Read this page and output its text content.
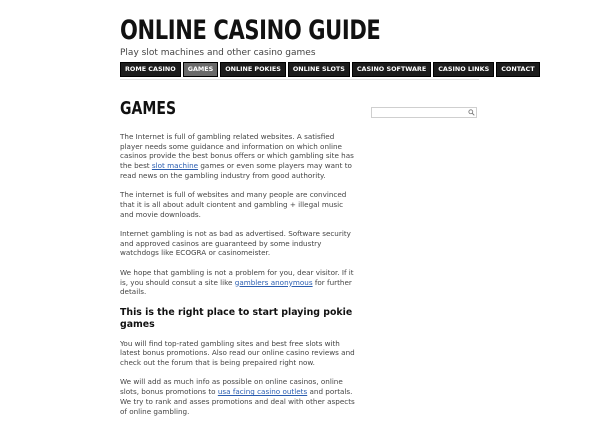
ONLINE CASINO GUIDE

Play slot machines and other casino games

ROME CASINO	GAMES	ONLINE POKIES	ONLINE SLOTS	CASINO SOFTWARE	CASINO LINKS	CONTACT
GAMES

The Internet is full of gambling related websites. A satisfied player needs some guidance and information on which online casinos provide the best bonus offers or which gambling site has the best slot machine games or even some players may want to read news on the gambling industry from good authority.

The internet is full of websites and many people are convinced that it is all about adult ciontent and gambling + illegal music and movie downloads.

Internet gambling is not as bad as advertised. Software security and approved casinos are guaranteed by some industry watchdogs like ECOGRA or casinomeister.

We hope that gambling is not a problem for you, dear visitor. If it is, you should consut a site like gamblers anonymous for further details.

This is the right place to start playing pokie games

You will find top-rated gambling sites and best free slots with latest bonus promotions. Also read our online casino reviews and check out the forum that is being prepaired right now.

We will add as much info as possible on online casinos, online slots, bonus promotions to usa facing casino outlets and portals. We try to rank and asses promotions and deal with other aspects of online gambling.
